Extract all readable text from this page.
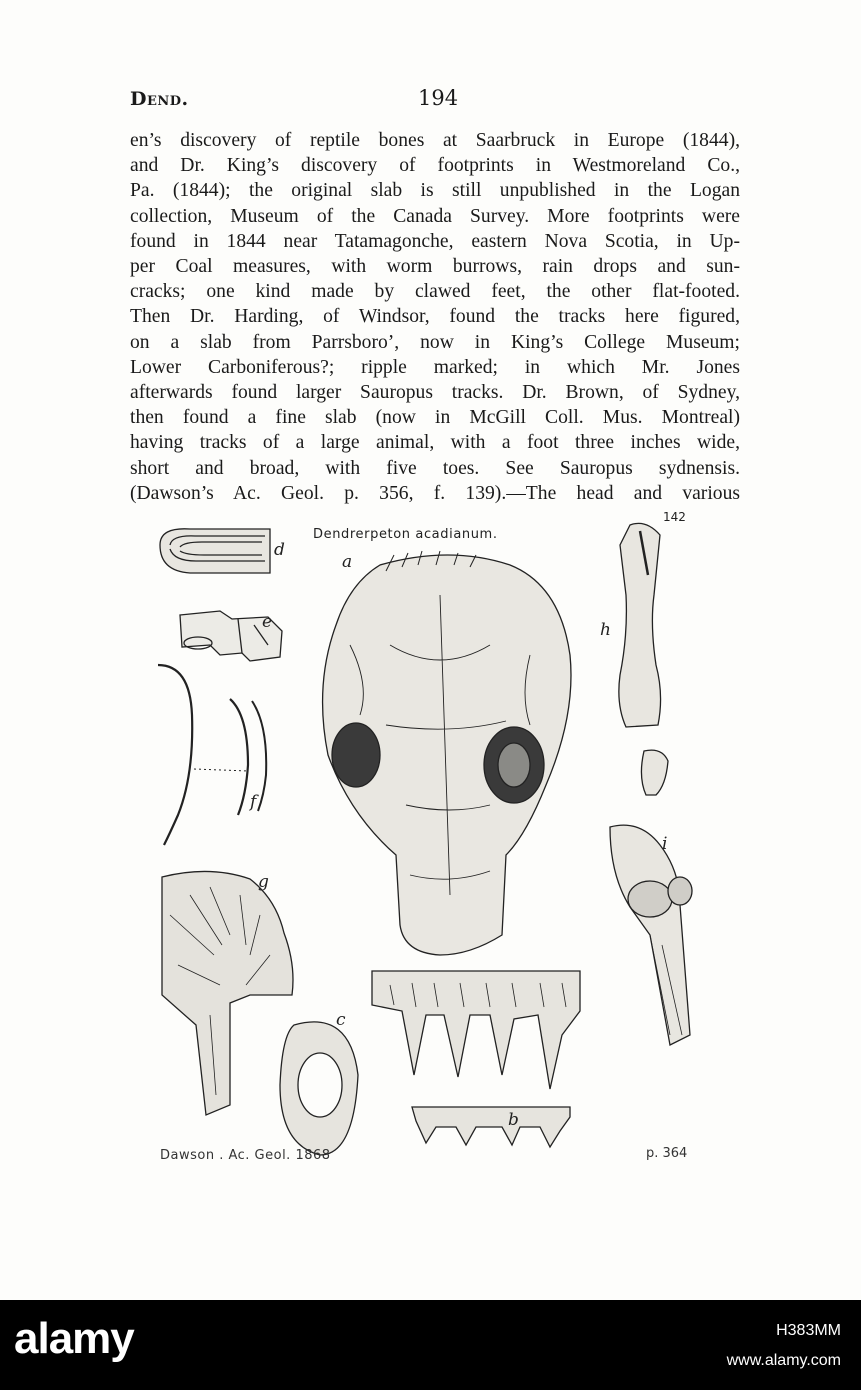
Dend.	194
en’s discovery of reptile bones at Saarbruck in Europe (1844),
and Dr. King’s discovery of footprints in Westmoreland Co.,
Pa. (1844); the original slab is still unpublished in the Logan
collection, Museum of the Canada Survey. More footprints were
found in 1844 near Tatamagonche, eastern Nova Scotia, in Up-
per Coal measures, with worm burrows, rain drops and sun-
cracks; one kind made by clawed feet, the other flat-footed.
Then Dr. Harding, of Windsor, found the tracks here figured,
on a slab from Parrsboro’, now in King’s College Museum;
Lower Carboniferous?; ripple marked; in which Mr. Jones
afterwards found larger Sauropus tracks. Dr. Brown, of Sydney,
then found a fine slab (now in McGill Coll. Mus. Montreal)
having tracks of a large animal, with a foot three inches wide,
short and broad, with five toes. See Sauropus sydnensis.
(Dawson’s Ac. Geol. p. 356, f. 139).—The head and various
Dendrerpeton acadianum.
142
a
b
c
d
e
f
g
h
i
Dawson . Ac. Geol. 1868	p. 364
alamy	H383MM
www.alamy.com
